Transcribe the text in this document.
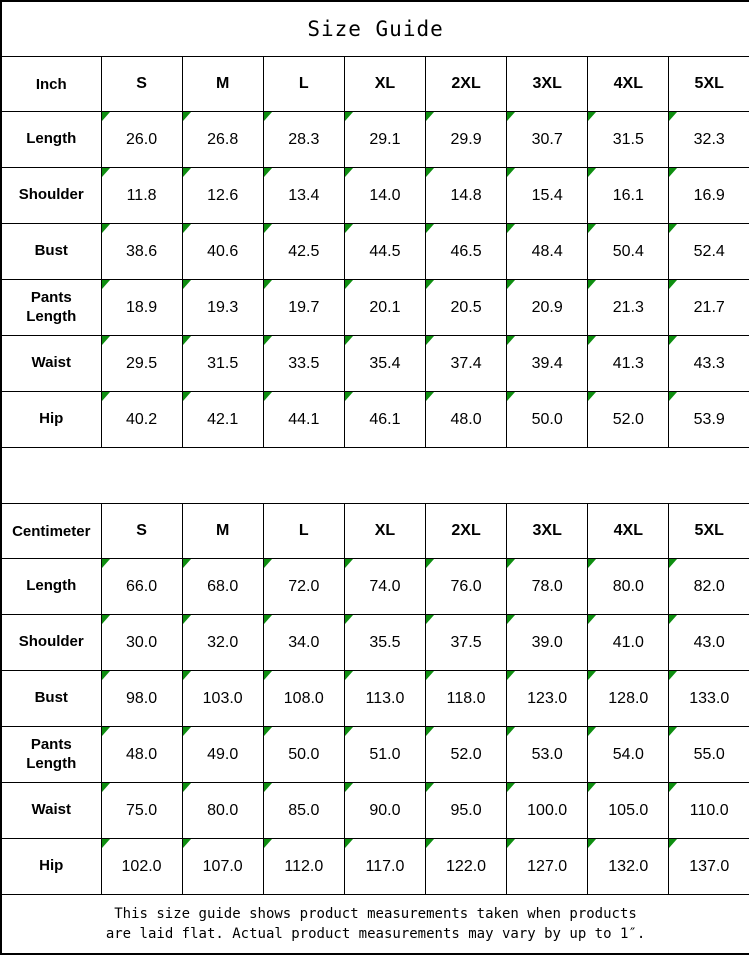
Size Guide								
Inch	S	M	L	XL	2XL	3XL	4XL	5XL
Length	26.0	26.8	28.3	29.1	29.9	30.7	31.5	32.3
Shoulder	11.8	12.6	13.4	14.0	14.8	15.4	16.1	16.9
Bust	38.6	40.6	42.5	44.5	46.5	48.4	50.4	52.4
Pants Length	18.9	19.3	19.7	20.1	20.5	20.9	21.3	21.7
Waist	29.5	31.5	33.5	35.4	37.4	39.4	41.3	43.3
Hip	40.2	42.1	44.1	46.1	48.0	50.0	52.0	53.9

Centimeter	S	M	L	XL	2XL	3XL	4XL	5XL
Length	66.0	68.0	72.0	74.0	76.0	78.0	80.0	82.0
Shoulder	30.0	32.0	34.0	35.5	37.5	39.0	41.0	43.0
Bust	98.0	103.0	108.0	113.0	118.0	123.0	128.0	133.0
Pants Length	48.0	49.0	50.0	51.0	52.0	53.0	54.0	55.0
Waist	75.0	80.0	85.0	90.0	95.0	100.0	105.0	110.0
Hip	102.0	107.0	112.0	117.0	122.0	127.0	132.0	137.0

This size guide shows product measurements taken when products
are laid flat. Actual product measurements may vary by up to 1″.								
